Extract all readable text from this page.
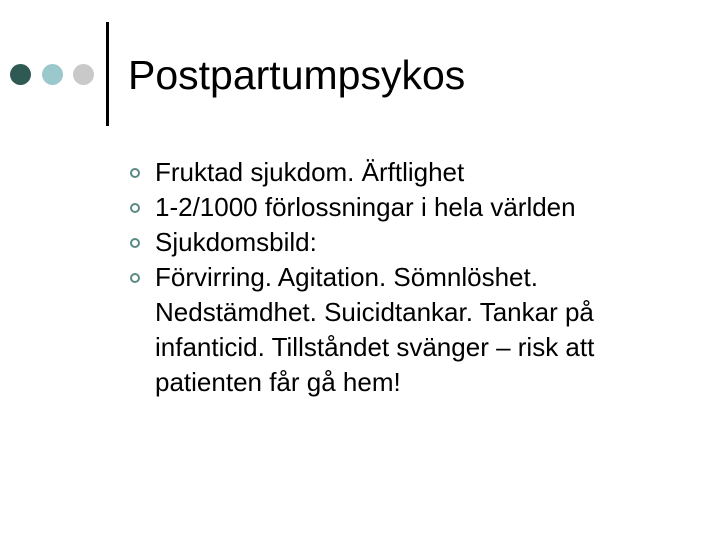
Postpartumpsykos
Fruktad sjukdom. Ärftlighet
1-2/1000 förlossningar i hela världen
Sjukdomsbild:
Förvirring. Agitation. Sömnlöshet. Nedstämdhet. Suicidtankar. Tankar på infanticid. Tillståndet svänger – risk att patienten får gå hem!
